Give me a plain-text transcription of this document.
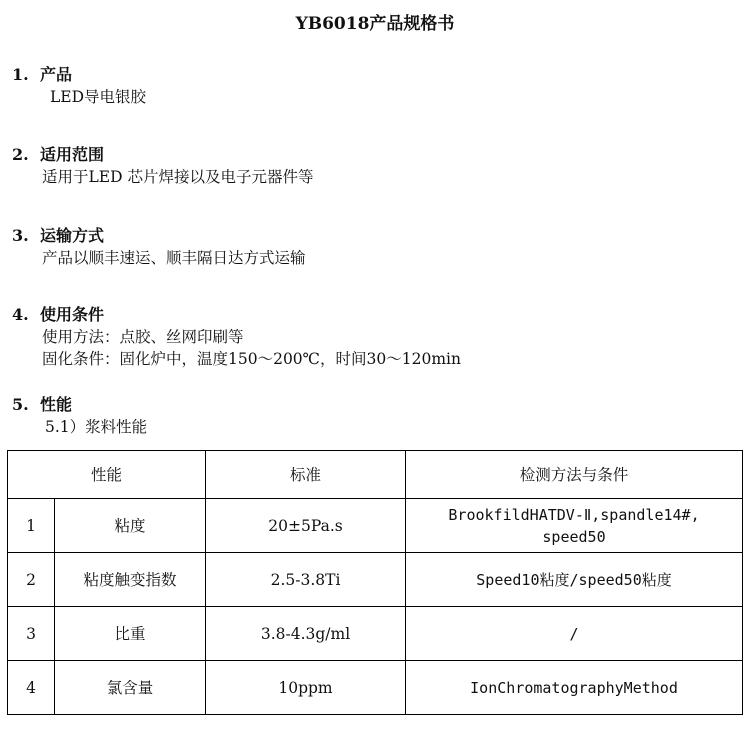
YB6018产品规格书
1. 产品
LED导电银胶
2. 适用范围
适用于LED 芯片焊接以及电子元器件等
3. 运输方式
产品以顺丰速运、顺丰隔日达方式运输
4. 使用条件
使用方法：点胶、丝网印刷等
固化条件：固化炉中，温度150～200℃，时间30～120min
5. 性能
5.1）浆料性能
性能		标准	检测方法与条件
1	粘度	20±5Pa.s	BrookfildHATDV-Ⅱ,spandle14#,
speed50

2	粘度触变指数	2.5-3.8Ti	Speed10粘度/speed50粘度
3	比重	3.8-4.3g/ml	/
4	氯含量	10ppm	IonChromatographyMethod
